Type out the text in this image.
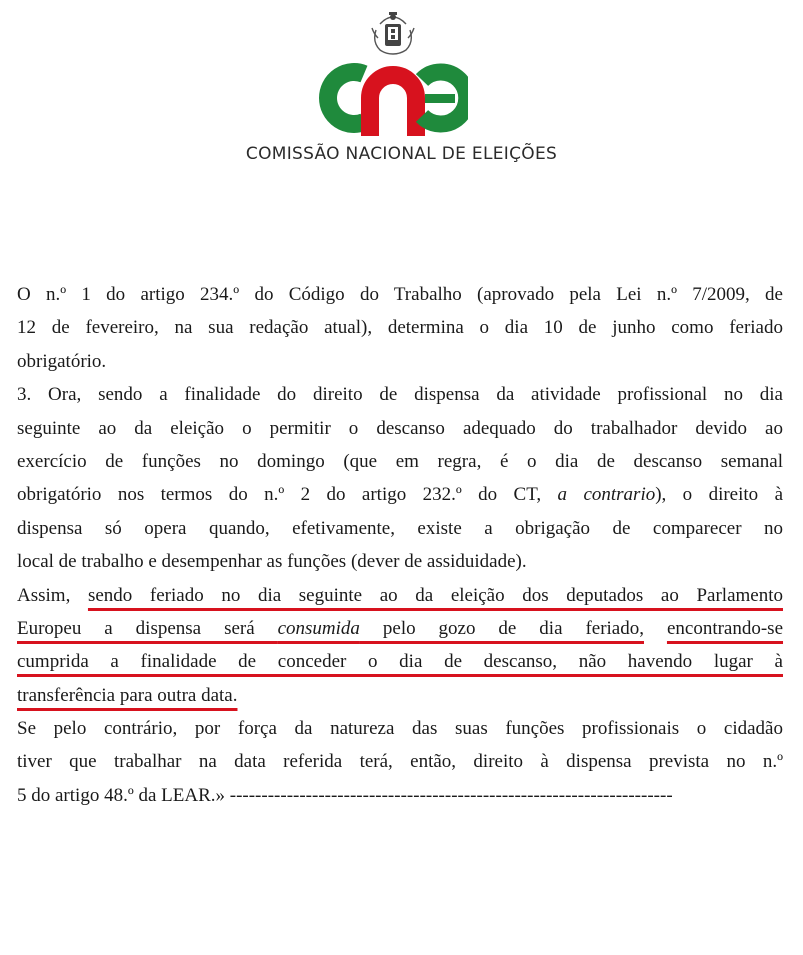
cne
COMISSÃO NACIONAL DE ELEIÇÕES
O n.º 1 do artigo 234.º do Código do Trabalho (aprovado pela Lei n.º 7/2009, de
12 de fevereiro, na sua redação atual), determina o dia 10 de junho como feriado
obrigatório.
3. Ora, sendo a finalidade do direito de dispensa da atividade profissional no dia
seguinte ao da eleição o permitir o descanso adequado do trabalhador devido ao
exercício de funções no domingo (que em regra, é o dia de descanso semanal
obrigatório nos termos do n.º 2 do artigo 232.º do CT, a contrario), o direito à
dispensa só opera quando, efetivamente, existe a obrigação de comparecer no
local de trabalho e desempenhar as funções (dever de assiduidade).
Assim, sendo feriado no dia seguinte ao da eleição dos deputados ao Parlamento
Europeu a dispensa será consumida pelo gozo de dia feriado, encontrando-se
cumprida a finalidade de conceder o dia de descanso, não havendo lugar à
transferência para outra data.
Se pelo contrário, por força da natureza das suas funções profissionais o cidadão
tiver que trabalhar na data referida terá, então, direito à dispensa prevista no n.º
5 do artigo 48.º da LEAR.» ----------------------------------------------------------------------
